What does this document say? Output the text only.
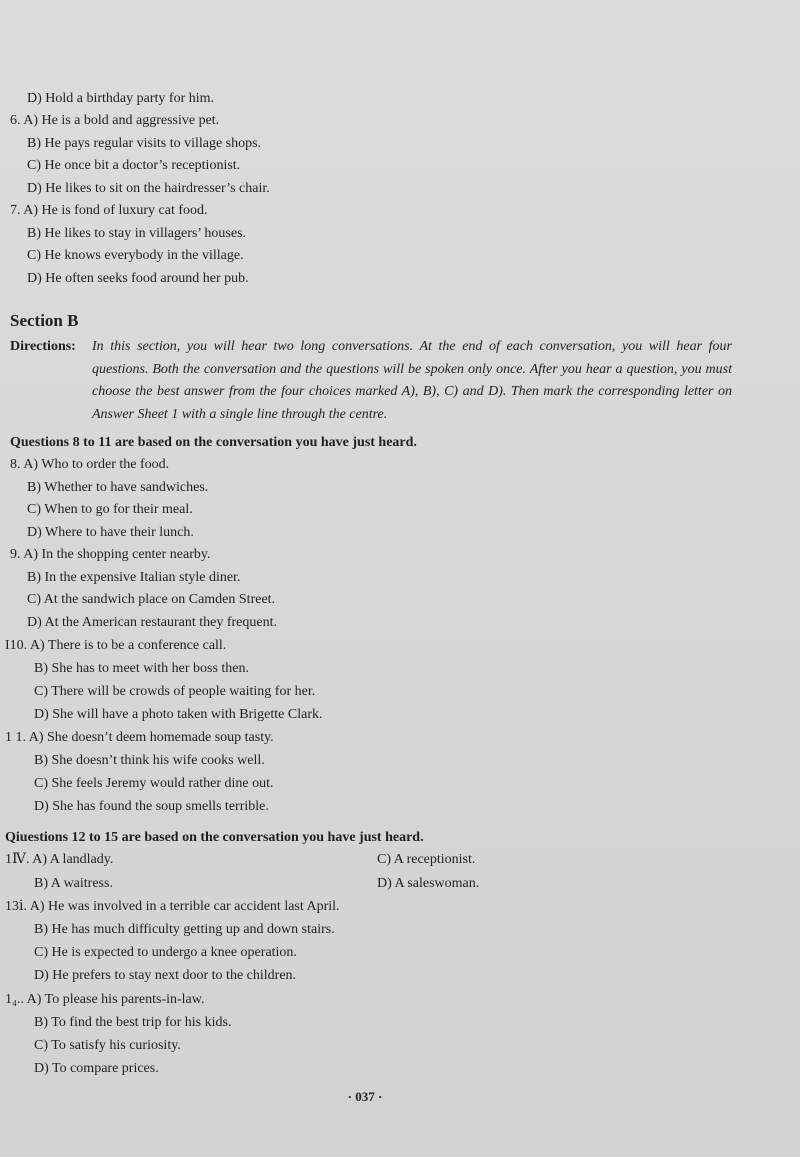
D) Hold a birthday party for him.
6. A) He is a bold and aggressive pet.
B) He pays regular visits to village shops.
C) He once bit a doctor’s receptionist.
D) He likes to sit on the hairdresser’s chair.
7. A) He is fond of luxury cat food.
B) He likes to stay in villagers’ houses.
C) He knows everybody in the village.
D) He often seeks food around her pub.
Section B
Directions:	In this section, you will hear two long conversations. At the end of each conversation, you will hear four questions. Both the conversation and the questions will be spoken only once. After you hear a question, you must choose the best answer from the four choices marked A), B), C) and D). Then mark the corresponding letter on Answer Sheet 1 with a single line through the centre.
Questions 8 to 11 are based on the conversation you have just heard.
8. A) Who to order the food.
B) Whether to have sandwiches.
C) When to go for their meal.
D) Where to have their lunch.
9. A) In the shopping center nearby.
B) In the expensive Italian style diner.
C) At the sandwich place on Camden Street.
D) At the American restaurant they frequent.
I10. A) There is to be a conference call.
B) She has to meet with her boss then.
C) There will be crowds of people waiting for her.
D) She will have a photo taken with Brigette Clark.
1 1. A) She doesn’t deem homemade soup tasty.
B) She doesn’t think his wife cooks well.
C) She feels Jeremy would rather dine out.
D) She has found the soup smells terrible.
Qiuestions 12 to 15 are based on the conversation you have just heard.
1Ⅳ. A) A landlady.	C) A receptionist.
B) A waitress.	D) A saleswoman.
13ⅰ. A) He was involved in a terrible car accident last April.
B) He has much difficulty getting up and down stairs.
C) He is expected to undergo a knee operation.
D) He prefers to stay next door to the children.
1₄.. A) To please his parents-in-law.
B) To find the best trip for his kids.
C) To satisfy his curiosity.
D) To compare prices.
· 037 ·
